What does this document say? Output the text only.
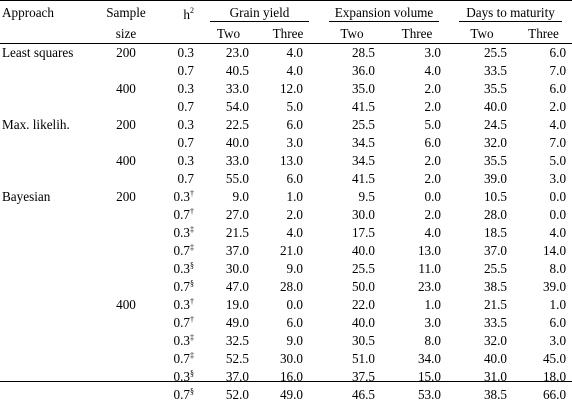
Approach	Sample	$h^2$	Grain yield		Expansion volume		Days to maturity	

	size		Two	Three	Two	Three	Two	Three
Least squares	200	0.3	23.0	4.0	28.5	3.0	25.5	6.0
		0.7	40.5	4.0	36.0	4.0	33.5	7.0
	400	0.3	33.0	12.0	35.0	2.0	35.5	6.0
		0.7	54.0	5.0	41.5	2.0	40.0	2.0
Max. likelih.	200	0.3	22.5	6.0	25.5	5.0	24.5	4.0
		0.7	40.0	3.0	34.5	6.0	32.0	7.0
	400	0.3	33.0	13.0	34.5	2.0	35.5	5.0
		0.7	55.0	6.0	41.5	2.0	39.0	3.0
Bayesian	200	0.3†	9.0	1.0	9.5	0.0	10.5	0.0
		0.7†	27.0	2.0	30.0	2.0	28.0	0.0
		0.3‡	21.5	4.0	17.5	4.0	18.5	4.0
		0.7‡	37.0	21.0	40.0	13.0	37.0	14.0
		0.3§	30.0	9.0	25.5	11.0	25.5	8.0
		0.7§	47.0	28.0	50.0	23.0	38.5	39.0
	400	0.3†	19.0	0.0	22.0	1.0	21.5	1.0
		0.7†	49.0	6.0	40.0	3.0	33.5	6.0
		0.3‡	32.5	9.0	30.5	8.0	32.0	3.0
		0.7‡	52.5	30.0	51.0	34.0	40.0	45.0
		0.3§	37.0	16.0	37.5	15.0	31.0	18.0
		0.7§	52.0	49.0	46.5	53.0	38.5	66.0
